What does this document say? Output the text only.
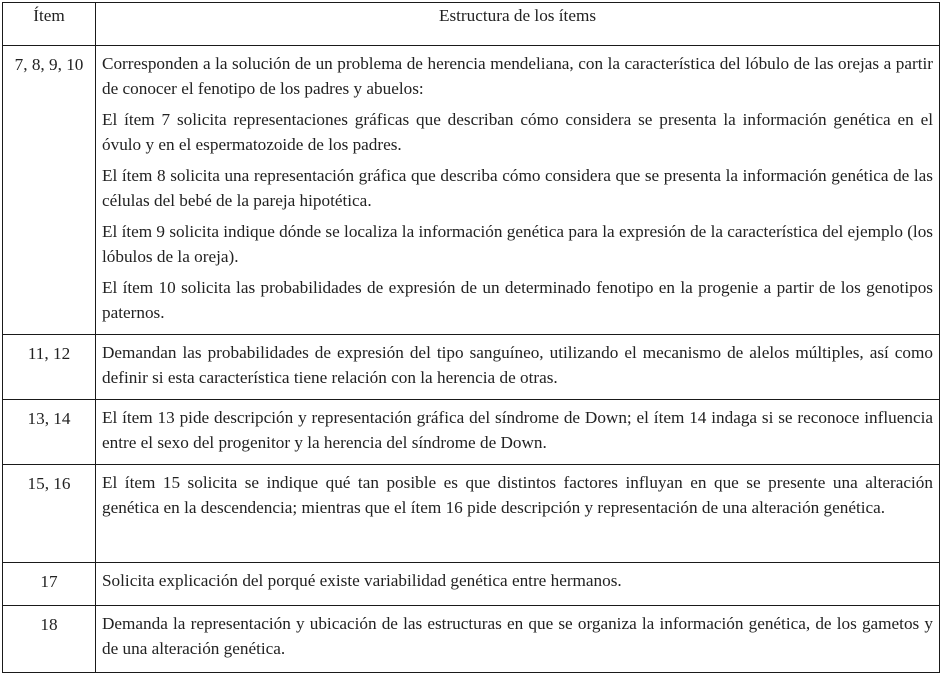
Ítem	Estructura de los ítems
7, 8, 9, 10	Corresponden a la solución de un problema de herencia mendeliana, con la característica del lóbulo de las orejas a partir de conocer el fenotipo de los padres y abuelos:

El ítem 7 solicita representaciones gráficas que describan cómo considera se presenta la información genética en el óvulo y en el espermatozoide de los padres.

El ítem 8 solicita una representación gráfica que describa cómo considera que se presenta la información genética de las células del bebé de la pareja hipotética.

El ítem 9 solicita indique dónde se localiza la información genética para la expresión de la característica del ejemplo (los lóbulos de la oreja).

El ítem 10 solicita las probabilidades de expresión de un determinado fenotipo en la progenie a partir de los genotipos paternos.

11, 12	Demandan las probabilidades de expresión del tipo sanguíneo, utilizando el mecanismo de alelos múltiples, así como definir si esta característica tiene relación con la herencia de otras.

13, 14	El ítem 13 pide descripción y representación gráfica del síndrome de Down; el ítem 14 indaga si se reconoce influencia entre el sexo del progenitor y la herencia del síndrome de Down.

15, 16	El ítem 15 solicita se indique qué tan posible es que distintos factores influyan en que se presente una alteración genética en la descendencia; mientras que el ítem 16 pide descripción y representación de una alteración genética.

17	Solicita explicación del porqué existe variabilidad genética entre hermanos.

18	Demanda la representación y ubicación de las estructuras en que se organiza la información genética, de los gametos y de una alteración genética.
